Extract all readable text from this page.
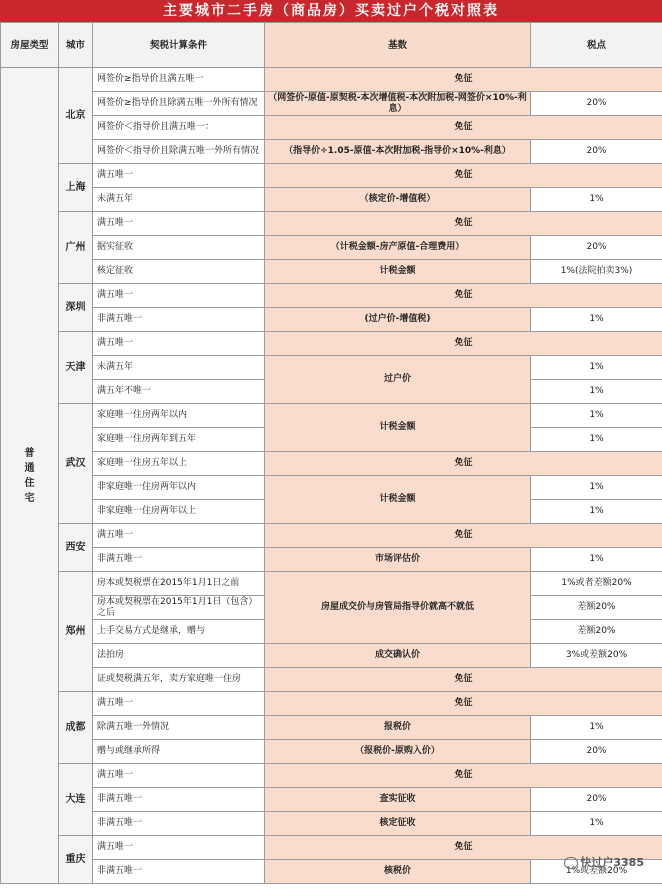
主要城市二手房（商品房）买卖过户个税对照表
房屋类型	城市	契税计算条件	基数	税点
普通住宅	北京	网签价≥指导价且满五唯一	免征	
		网签价≥指导价且除满五唯一外所有情况	（网签价-原值-原契税-本次增值税-本次附加税-网签价×10%-利息）	20%
		网签价＜指导价且满五唯一：	免征	
		网签价＜指导价且除满五唯一外所有情况	（指导价÷1.05-原值-本次附加税-指导价×10%-利息）	20%
	上海	满五唯一	免征	
		未满五年	（核定价-增值税）	1%
	广州	满五唯一	免征	
		据实征收	（计税金额-房产原值-合理费用）	20%
		核定征收	计税金额	1%(法院拍卖3%)
	深圳	满五唯一	免征	
		非满五唯一	(过户价-增值税)	1%
	天津	满五唯一	免征	
		未满五年	过户价	1%
		满五年不唯一		1%
	武汉	家庭唯一住房两年以内	计税金额	1%
		家庭唯一住房两年到五年		1%
		家庭唯一住房五年以上	免征	
		非家庭唯一住房两年以内	计税金额	1%
		非家庭唯一住房两年以上		1%
	西安	满五唯一	免征	
		非满五唯一	市场评估价	1%
	郑州	房本或契税票在2015年1月1日之前	房屋成交价与房管局指导价就高不就低	1%或者差额20%
		房本或契税票在2015年1月1日（包含）之后		差额20%
		上手交易方式是继承，赠与		差额20%
		法拍房	成交确认价	3%或差额20%
		证或契税满五年，卖方家庭唯一住房	免征	
	成都	满五唯一	免征	
		除满五唯一外情况	报税价	1%
		赠与或继承所得	（报税价-原购入价）	20%
	大连	满五唯一	免征	
		非满五唯一	查实征收	20%
		非满五唯一	核定征收	1%
	重庆	满五唯一	免征	
		非满五唯一	核税价	1%或差额20%
快过户3385
